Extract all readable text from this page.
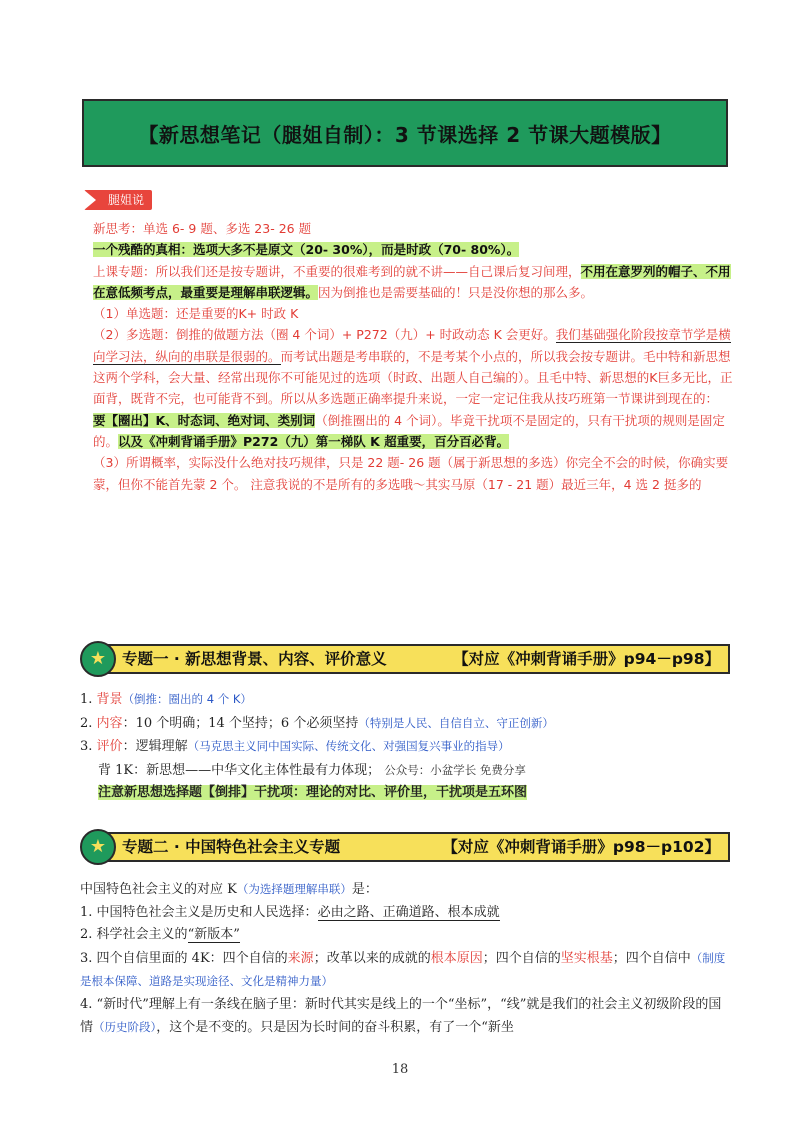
【新思想笔记（腿姐自制）：3 节课选择 2 节课大题模版】
腿姐说

新思考：单选 6- 9 题、多选 23- 26 题

一个残酷的真相：选项大多不是原文（20- 30%），而是时政（70- 80%）。

上课专题：所以我们还是按专题讲，不重要的很难考到的就不讲——自己课后复习间理，不用在意罗列的帽子、不用在意低频考点，最重要是理解串联逻辑。因为倒推也是需要基础的！只是没你想的那么多。

（1）单选题：还是重要的K+ 时政 K

（2）多选题：倒推的做题方法（圈 4 个词）+ P272（九）+ 时政动态 K 会更好。我们基础强化阶段按章节学是横向学习法，纵向的串联是很弱的。而考试出题是考串联的，不是考某个小点的，所以我会按专题讲。毛中特和新思想这两个学科，会大量、经常出现你不可能见过的选项（时政、出题人自己编的）。且毛中特、新思想的K巨多无比，正面背，既背不完，也可能背不到。所以从多选题正确率提升来说，一定一定记住我从技巧班第一节课讲到现在的：

要【圈出】K、时态词、绝对词、类别词（倒推圈出的 4 个词）。毕竟干扰项不是固定的，只有干扰项的规则是固定的。以及《冲刺背诵手册》P272（九）第一梯队 K 超重要，百分百必背。

（3）所谓概率，实际没什么绝对技巧规律，只是 22 题- 26 题（属于新思想的多选）你完全不会的时候，你确实要蒙，但你不能首先蒙 2 个。 注意我说的不是所有的多选哦～其实马原（17 - 21 题）最近三年，4 选 2 挺多的

★ 专题一 · 新思想背景、内容、评价意义	【对应《冲刺背诵手册》p94－p98】

1. 背景（倒推：圈出的 4 个 K）

2. 内容：10 个明确；14 个坚持；6 个必须坚持（特别是人民、自信自立、守正创新）

3. 评价：逻辑理解（马克思主义同中国实际、传统文化、对强国复兴事业的指导）

背 1K：新思想——中华文化主体性最有力体现； 公众号：小盆学长 免费分享

注意新思想选择题【倒排】干扰项：理论的对比、评价里，干扰项是五环图

★ 专题二 · 中国特色社会主义专题	【对应《冲刺背诵手册》p98－p102】

中国特色社会主义的对应 K（为选择题理解串联）是：

1. 中国特色社会主义是历史和人民选择：必由之路、正确道路、根本成就

2. 科学社会主义的“新版本”

3. 四个自信里面的 4K：四个自信的来源；改革以来的成就的根本原因；四个自信的坚实根基；四个自信中（制度是根本保障、道路是实现途径、文化是精神力量）

4. “新时代”理解上有一条线在脑子里：新时代其实是线上的一个“坐标”，“线”就是我们的社会主义初级阶段的国情（历史阶段），这个是不变的。只是因为长时间的奋斗积累，有了一个“新坐

18
